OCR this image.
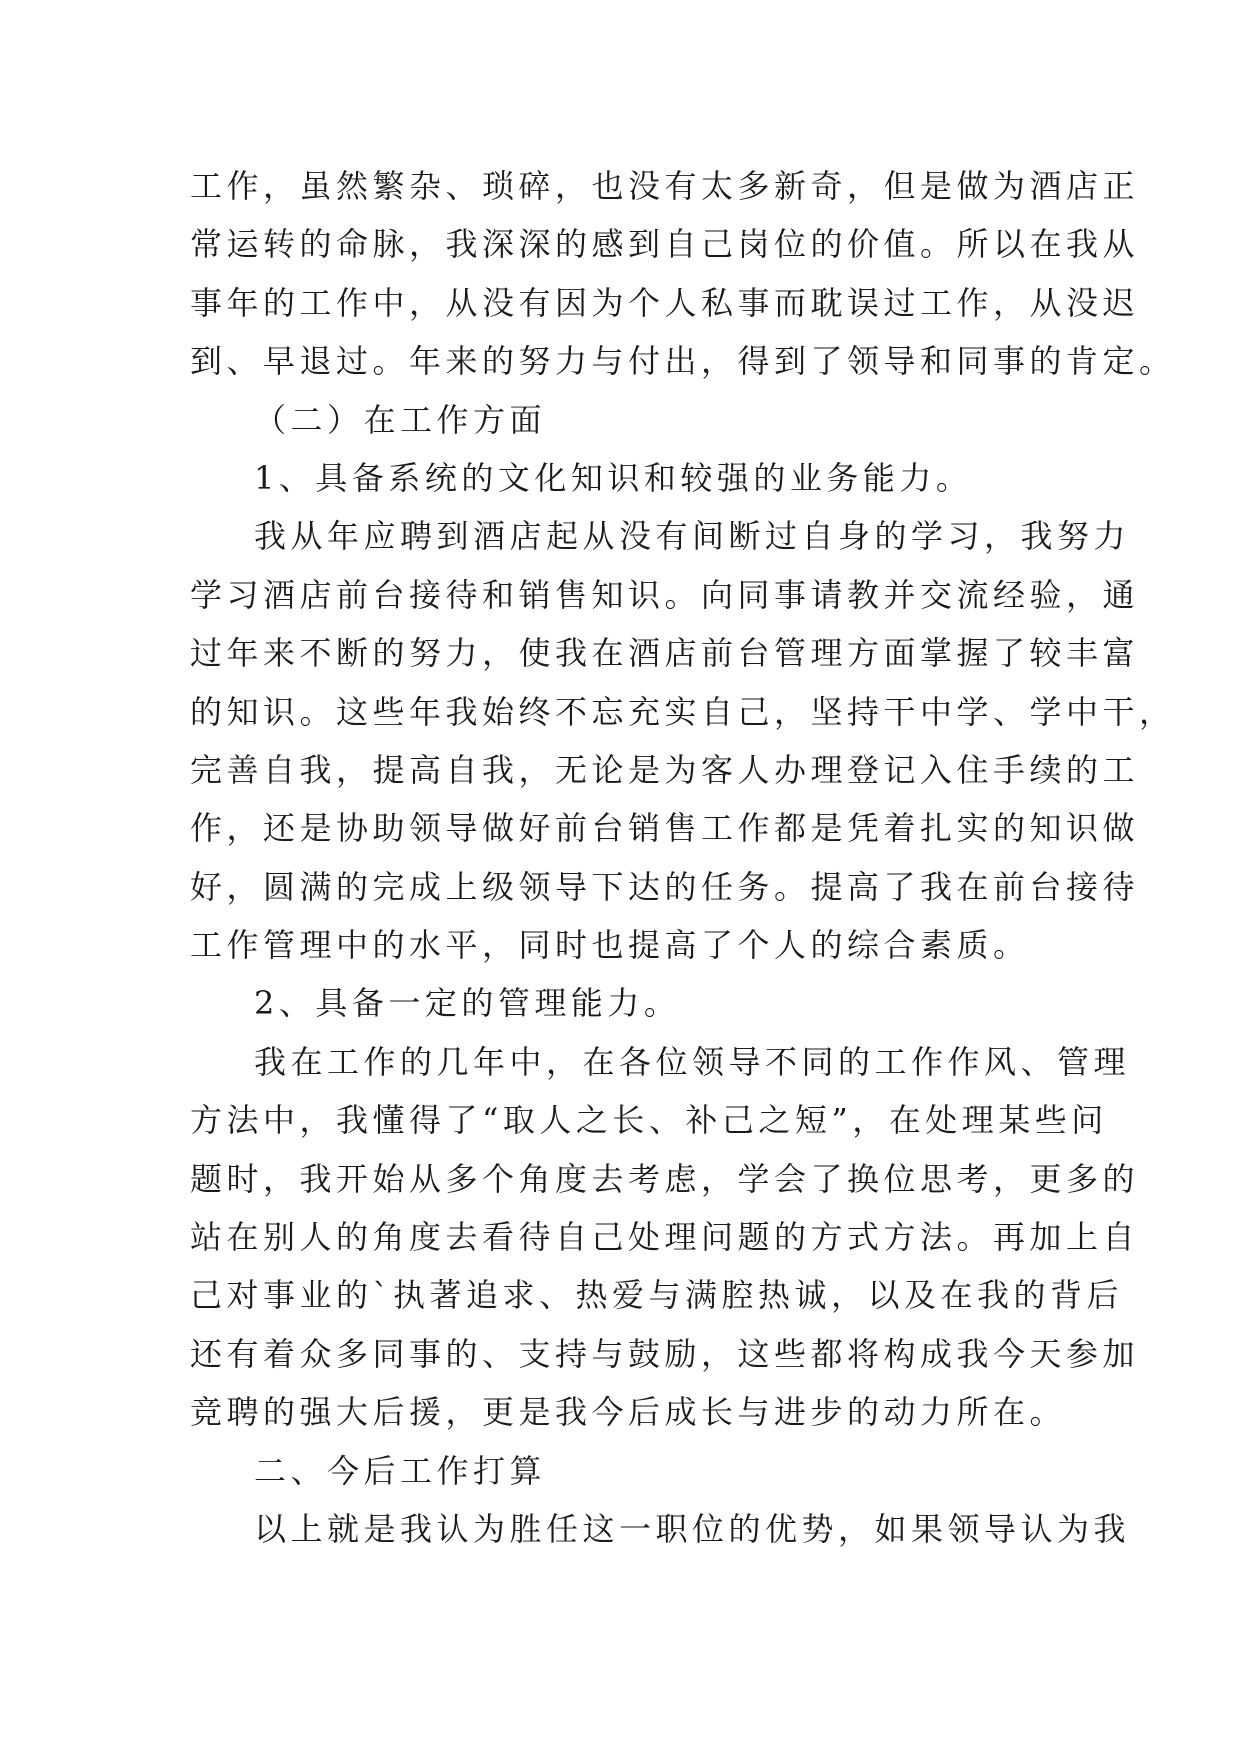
工作，虽然繁杂、琐碎，也没有太多新奇，但是做为酒店正
常运转的命脉，我深深的感到自己岗位的价值。所以在我从
事年的工作中，从没有因为个人私事而耽误过工作，从没迟
到、早退过。年来的努力与付出，得到了领导和同事的肯定。
（二）在工作方面
1、具备系统的文化知识和较强的业务能力。
我从年应聘到酒店起从没有间断过自身的学习，我努力
学习酒店前台接待和销售知识。向同事请教并交流经验，通
过年来不断的努力，使我在酒店前台管理方面掌握了较丰富
的知识。这些年我始终不忘充实自己，坚持干中学、学中干，
完善自我，提高自我，无论是为客人办理登记入住手续的工
作，还是协助领导做好前台销售工作都是凭着扎实的知识做
好，圆满的完成上级领导下达的任务。提高了我在前台接待
工作管理中的水平，同时也提高了个人的综合素质。
2、具备一定的管理能力。
我在工作的几年中，在各位领导不同的工作作风、管理
方法中，我懂得了“取人之长、补己之短”，在处理某些问
题时，我开始从多个角度去考虑，学会了换位思考，更多的
站在别人的角度去看待自己处理问题的方式方法。再加上自
己对事业的`执著追求、热爱与满腔热诚，以及在我的背后
还有着众多同事的、支持与鼓励，这些都将构成我今天参加
竞聘的强大后援，更是我今后成长与进步的动力所在。
二、今后工作打算
以上就是我认为胜任这一职位的优势，如果领导认为我
